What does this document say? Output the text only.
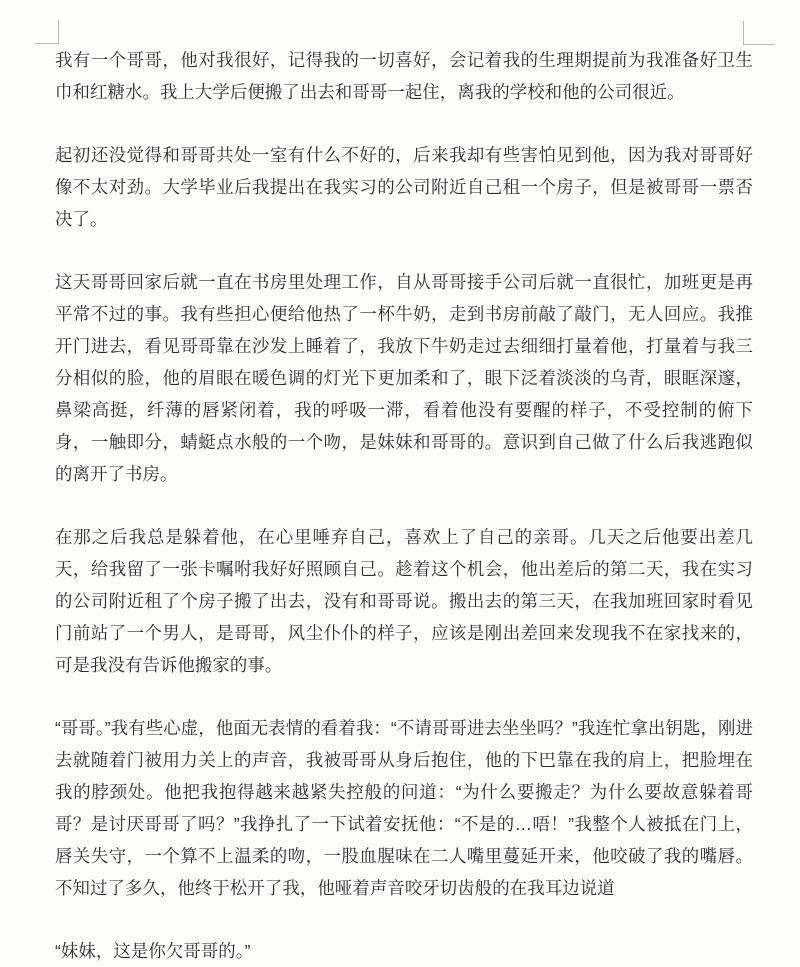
我有一个哥哥，他对我很好，记得我的一切喜好，会记着我的生理期提前为我准备好卫生巾和红糖水。我上大学后便搬了出去和哥哥一起住，离我的学校和他的公司很近。

起初还没觉得和哥哥共处一室有什么不好的，后来我却有些害怕见到他，因为我对哥哥好像不太对劲。大学毕业后我提出在我实习的公司附近自己租一个房子，但是被哥哥一票否决了。

这天哥哥回家后就一直在书房里处理工作，自从哥哥接手公司后就一直很忙，加班更是再平常不过的事。我有些担心便给他热了一杯牛奶，走到书房前敲了敲门，无人回应。我推开门进去，看见哥哥靠在沙发上睡着了，我放下牛奶走过去细细打量着他，打量着与我三分相似的脸，他的眉眼在暖色调的灯光下更加柔和了，眼下泛着淡淡的乌青，眼眶深邃，鼻梁高挺，纤薄的唇紧闭着，我的呼吸一滞，看着他没有要醒的样子，不受控制的俯下身，一触即分，蜻蜓点水般的一个吻，是妹妹和哥哥的。意识到自己做了什么后我逃跑似的离开了书房。

在那之后我总是躲着他，在心里唾弃自己，喜欢上了自己的亲哥。几天之后他要出差几天，给我留了一张卡嘱咐我好好照顾自己。趁着这个机会，他出差后的第二天，我在实习的公司附近租了个房子搬了出去，没有和哥哥说。搬出去的第三天，在我加班回家时看见门前站了一个男人，是哥哥，风尘仆仆的样子，应该是刚出差回来发现我不在家找来的，可是我没有告诉他搬家的事。

“哥哥。”我有些心虚，他面无表情的看着我：“不请哥哥进去坐坐吗？”我连忙拿出钥匙，刚进去就随着门被用力关上的声音，我被哥哥从身后抱住，他的下巴靠在我的肩上，把脸埋在我的脖颈处。他把我抱得越来越紧失控般的问道：“为什么要搬走？为什么要故意躲着哥哥？是讨厌哥哥了吗？”我挣扎了一下试着安抚他：“不是的…唔！”我整个人被抵在门上，唇关失守，一个算不上温柔的吻，一股血腥味在二人嘴里蔓延开来，他咬破了我的嘴唇。不知过了多久，他终于松开了我，他哑着声音咬牙切齿般的在我耳边说道

“妹妹，这是你欠哥哥的。”
